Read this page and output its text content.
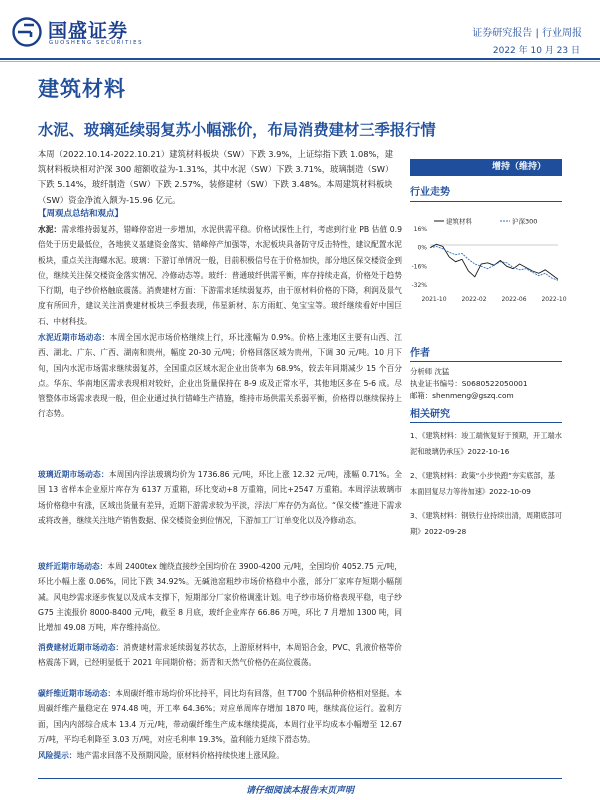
国盛证券
GUOSHENG SECURITIES
证券研究报告 | 行业周报
2022 年 10 月 23 日
建筑材料
水泥、玻璃延续弱复苏小幅涨价，布局消费建材三季报行情
本周（2022.10.14-2022.10.21）建筑材料板块（SW）下跌 3.9%，上证综指下跌 1.08%，建筑材料板块相对沪深 300 超额收益为-1.31%，其中水泥（SW）下跌 3.71%，玻璃制造（SW）下跌 5.14%，玻纤制造（SW）下跌 2.57%，装修建材（SW）下跌 3.48%。本周建筑材料板块（SW）资金净流入额为-15.96 亿元。
增持（维持）
行业走势
16%
0%
-16%
-32%
2021-10 2022-02 2022-06 2022-10
建筑材料	沪深300
作者
分析师 沈猛
执业证书编号：S0680522050001
邮箱：shenmeng@gszq.com
相关研究
1、《建筑材料：竣工端恢复好于预期，开工端水泥和玻璃仍承压》2022-10-16
2、《建筑材料：政策“小步快跑”夯实底部，基本面回复尽力等待加速》2022-10-09
3、《建筑材料：钢铁行业持续出清，周期底部可期》2022-09-28
【周观点总结和观点】
水泥：需求维持弱复苏，错峰停窑进一步增加，水泥供需平稳。价格试探性上行，考虑到行业 PB 估值 0.9 倍处于历史最低位，各地狭义基建资金落实、错峰停产加强等，水泥板块具备防守反击特性，建议配置水泥板块，重点关注海螺水泥。玻璃：下游订单情况一般，目前积极信号在于价格加快，部分地区保交楼资金到位，继续关注保交楼资金落实情况、冷修动态等。玻纤：普通玻纤供需平衡，库存持续走高，价格处于趋势下行期，电子纱价格触底震荡。消费建材方面：下游需求延续弱复苏，由于原材料价格的下降，利润及景气度有所回升，建议关注消费建材板块三季报表现，伟星新材、东方雨虹、兔宝宝等。玻纤继续看好中国巨石、中材科技。
水泥近期市场动态：本周全国水泥市场价格继续上行，环比涨幅为 0.9%。价格上涨地区主要有山西、江西、湖北、广东、广西、湖南和贵州，幅度 20-30 元/吨；价格回落区域为贵州，下调 30 元/吨。10 月下旬，国内水泥市场需求继续弱复苏，全国重点区域水泥企业出货率为 68.9%，较去年同期减少 15 个百分点。华东、华南地区需求表现相对较好，企业出货量保持在 8-9 成及正常水平，其他地区多在 5-6 成。尽管整体市场需求表现一般，但企业通过执行错峰生产措施，维持市场供需关系弱平衡，价格得以继续保持上行态势。
玻璃近期市场动态：本周国内浮法玻璃均价为 1736.86 元/吨，环比上涨 12.32 元/吨，涨幅 0.71%。全国 13 省样本企业原片库存为 6137 万重箱，环比变动+8 万重箱，同比+2547 万重箱。本周浮法玻璃市场价格稳中有涨，区域出货量有差异，近期下游需求较为平淡，浮法厂库存仍为高位。“保交楼”推进下需求或将改善，继续关注地产销售数据、保交楼资金到位情况，下游加工厂订单变化以及冷修动态。
玻纤近期市场动态：本周 2400tex 缠绕直接纱全国均价在 3900-4200 元/吨，全国均价 4052.75 元/吨，环比小幅上涨 0.06%，同比下跌 34.92%。无碱池窑粗纱市场价格稳中小涨，部分厂家库存短期小幅削减。风电纱需求逐步恢复以及成本支撑下，短期部分厂家价格调涨计划。电子纱市场价格表现平稳，电子纱 G75 主流报价 8000-8400 元/吨，截至 8 月底，玻纤企业库存 66.86 万吨，环比 7 月增加 1300 吨，同比增加 49.08 万吨，库存维持高位。
消费建材近期市场动态：消费建材需求延续弱复苏状态，上游原材料中，本周铝合金，PVC、乳液价格等价格震荡下调，已经明显低于 2021 年同期价格；沥青和天然气价格仍在高位震荡。
碳纤维近期市场动态：本周碳纤维市场均价环比持平，同比均有回落，但 T700 个别品种价格相对坚挺。本周碳纤维产量稳定在 974.48 吨，开工率 64.36%；对应单周库存增加 1870 吨，继续高位运行。盈利方面，国内内部综合成本 13.4 万元/吨，带动碳纤维生产成本继续提高，本周行业平均成本小幅增至 12.67 万/吨，平均毛利降至 3.03 万/吨，对应毛利率 19.3%，盈利能力延续下滑态势。
风险提示：地产需求回落不及预期风险，原材料价格持续快速上涨风险。
请仔细阅读本报告末页声明
